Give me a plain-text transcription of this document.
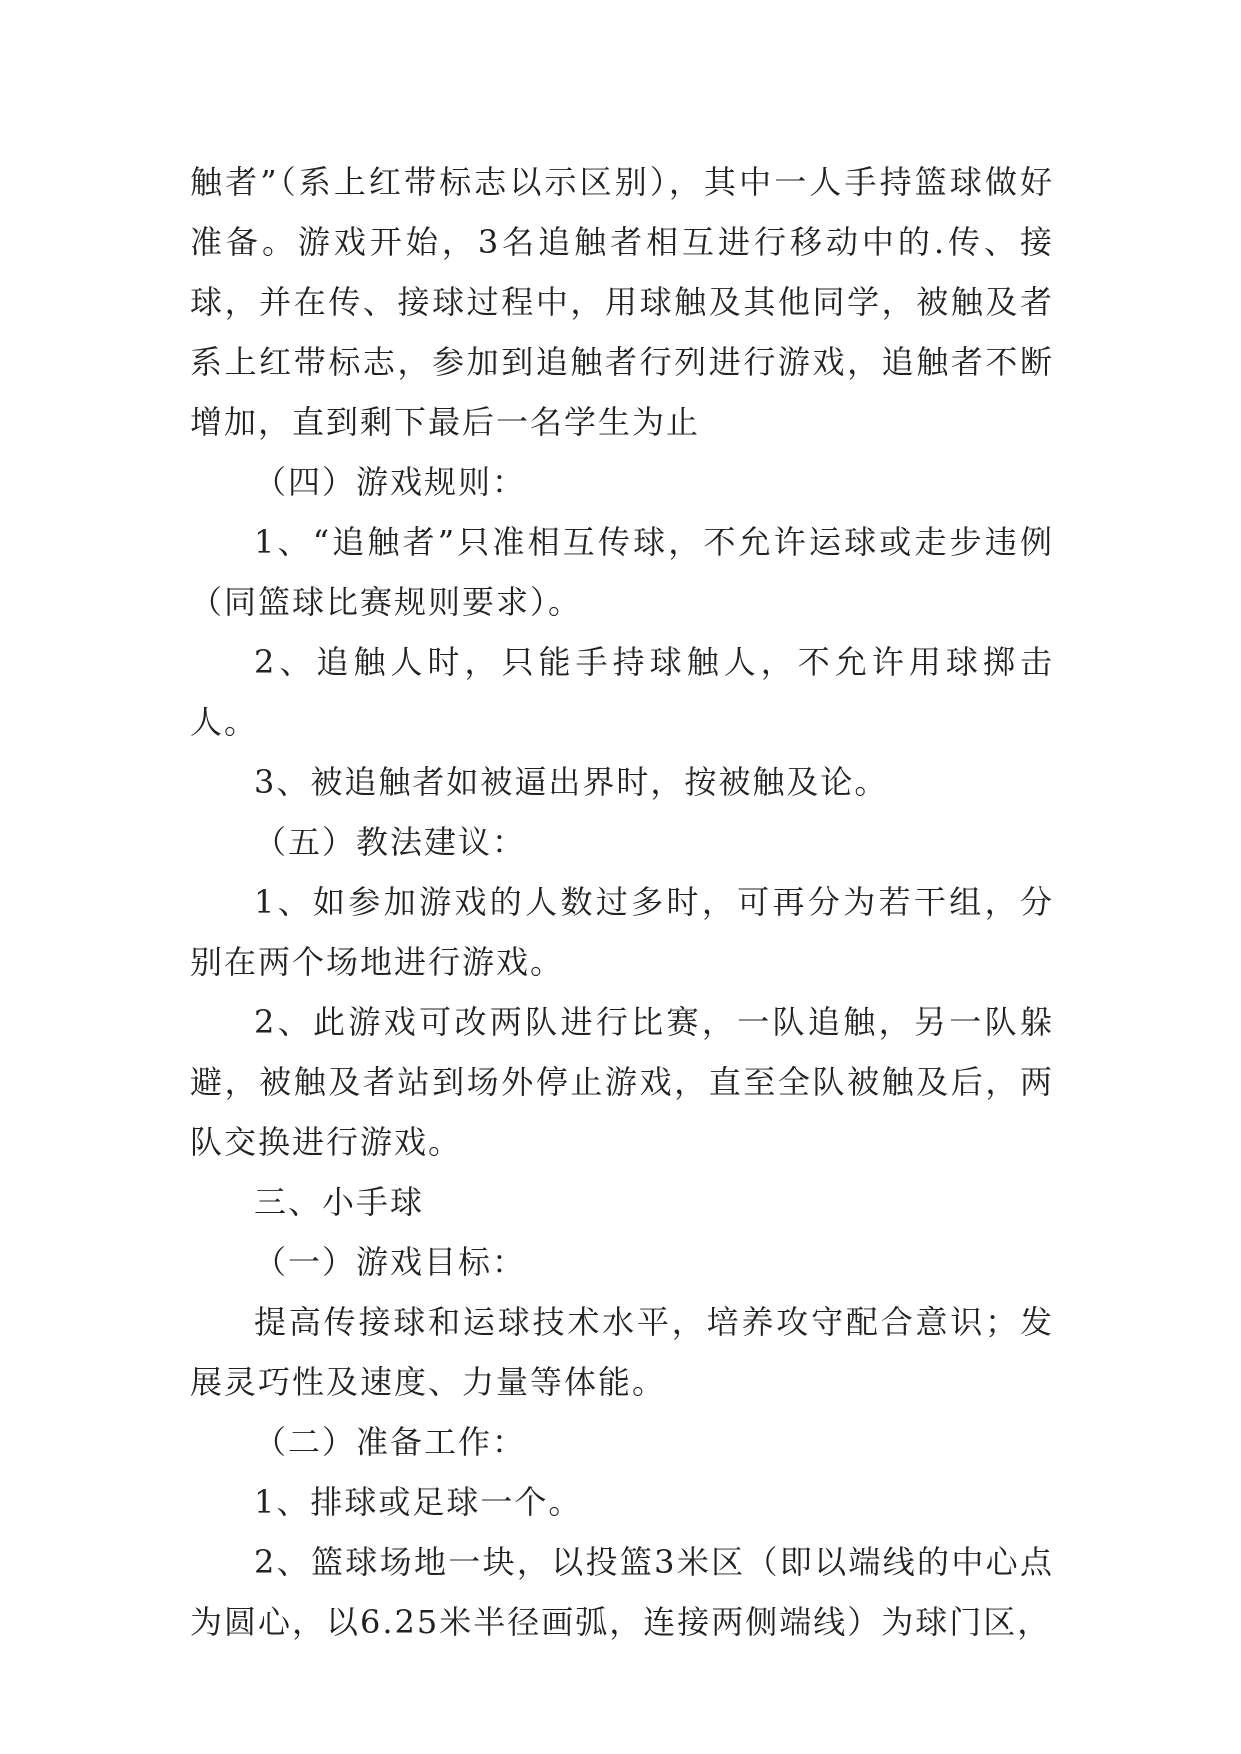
触者”（系上红带标志以示区别），其中一人手持篮球做好准备。游戏开始，3名追触者相互进行移动中的.传、接球，并在传、接球过程中，用球触及其他同学，被触及者系上红带标志，参加到追触者行列进行游戏，追触者不断增加，直到剩下最后一名学生为止

（四）游戏规则：

1、“追触者”只准相互传球，不允许运球或走步违例（同篮球比赛规则要求）。

2、追触人时，只能手持球触人，不允许用球掷击人。

3、被追触者如被逼出界时，按被触及论。

（五）教法建议：

1、如参加游戏的人数过多时，可再分为若干组，分别在两个场地进行游戏。

2、此游戏可改两队进行比赛，一队追触，另一队躲避，被触及者站到场外停止游戏，直至全队被触及后，两队交换进行游戏。

三、小手球

（一）游戏目标：

提高传接球和运球技术水平，培养攻守配合意识；发展灵巧性及速度、力量等体能。

（二）准备工作：

1、排球或足球一个。

2、篮球场地一块，以投篮3米区（即以端线的中心点为圆心，以6.25米半径画弧，连接两侧端线）为球门区，
